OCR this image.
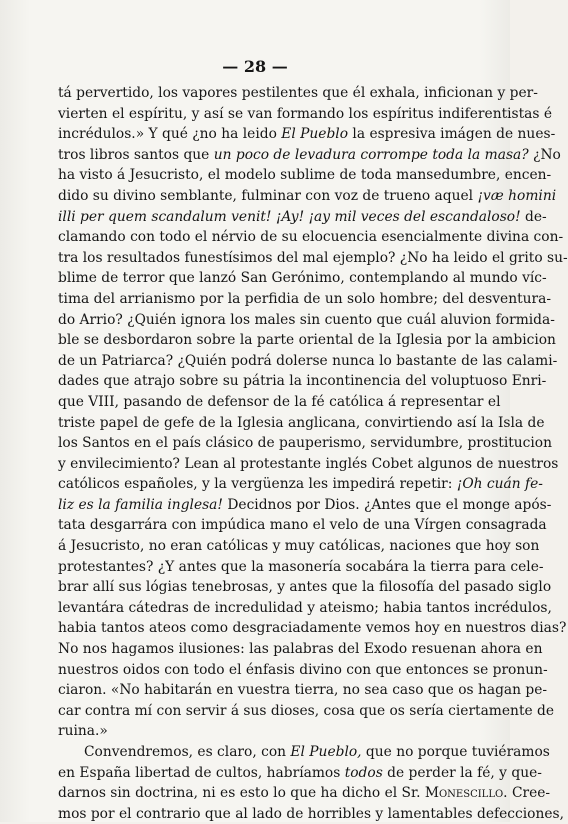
— 28 —
tá pervertido, los vapores pestilentes que él exhala, inficionan y per-
vierten el espíritu, y así se van formando los espíritus indiferentistas é
incrédulos.» Y qué ¿no ha leido El Pueblo la espresiva imágen de nues-
tros libros santos que un poco de levadura corrompe toda la masa? ¿No
ha visto á Jesucristo, el modelo sublime de toda mansedumbre, encen-
dido su divino semblante, fulminar con voz de trueno aquel ¡væ homini
illi per quem scandalum venit! ¡Ay! ¡ay mil veces del escandaloso! de-
clamando con todo el nérvio de su elocuencia esencialmente divina con-
tra los resultados funestísimos del mal ejemplo? ¿No ha leido el grito su-
blime de terror que lanzó San Gerónimo, contemplando al mundo víc-
tima del arrianismo por la perfidia de un solo hombre; del desventura-
do Arrio? ¿Quién ignora los males sin cuento que cuál aluvion formida-
ble se desbordaron sobre la parte oriental de la Iglesia por la ambicion
de un Patriarca? ¿Quién podrá dolerse nunca lo bastante de las calami-
dades que atrajo sobre su pátria la incontinencia del voluptuoso Enri-
que VIII, pasando de defensor de la fé católica á representar el
triste papel de gefe de la Iglesia anglicana, convirtiendo así la Isla de
los Santos en el país clásico de pauperismo, servidumbre, prostitucion
y envilecimiento? Lean al protestante inglés Cobet algunos de nuestros
católicos españoles, y la vergüenza les impedirá repetir: ¡Oh cuán fe-
liz es la familia inglesa! Decidnos por Dios. ¿Antes que el monge após-
tata desgarrára con impúdica mano el velo de una Vírgen consagrada
á Jesucristo, no eran católicas y muy católicas, naciones que hoy son
protestantes? ¿Y antes que la masonería socabára la tierra para cele-
brar allí sus lógias tenebrosas, y antes que la filosofía del pasado siglo
levantára cátedras de incredulidad y ateismo; habia tantos incrédulos,
habia tantos ateos como desgraciadamente vemos hoy en nuestros dias?
No nos hagamos ilusiones: las palabras del Exodo resuenan ahora en
nuestros oidos con todo el énfasis divino con que entonces se pronun-
ciaron. «No habitarán en vuestra tierra, no sea caso que os hagan pe-
car contra mí con servir á sus dioses, cosa que os sería ciertamente de
ruina.»
Convendremos, es claro, con El Pueblo, que no porque tuviéramos
en España libertad de cultos, habríamos todos de perder la fé, y que-
darnos sin doctrina, ni es esto lo que ha dicho el Sr. Monescillo. Cree-
mos por el contrario que al lado de horribles y lamentables defecciones,
